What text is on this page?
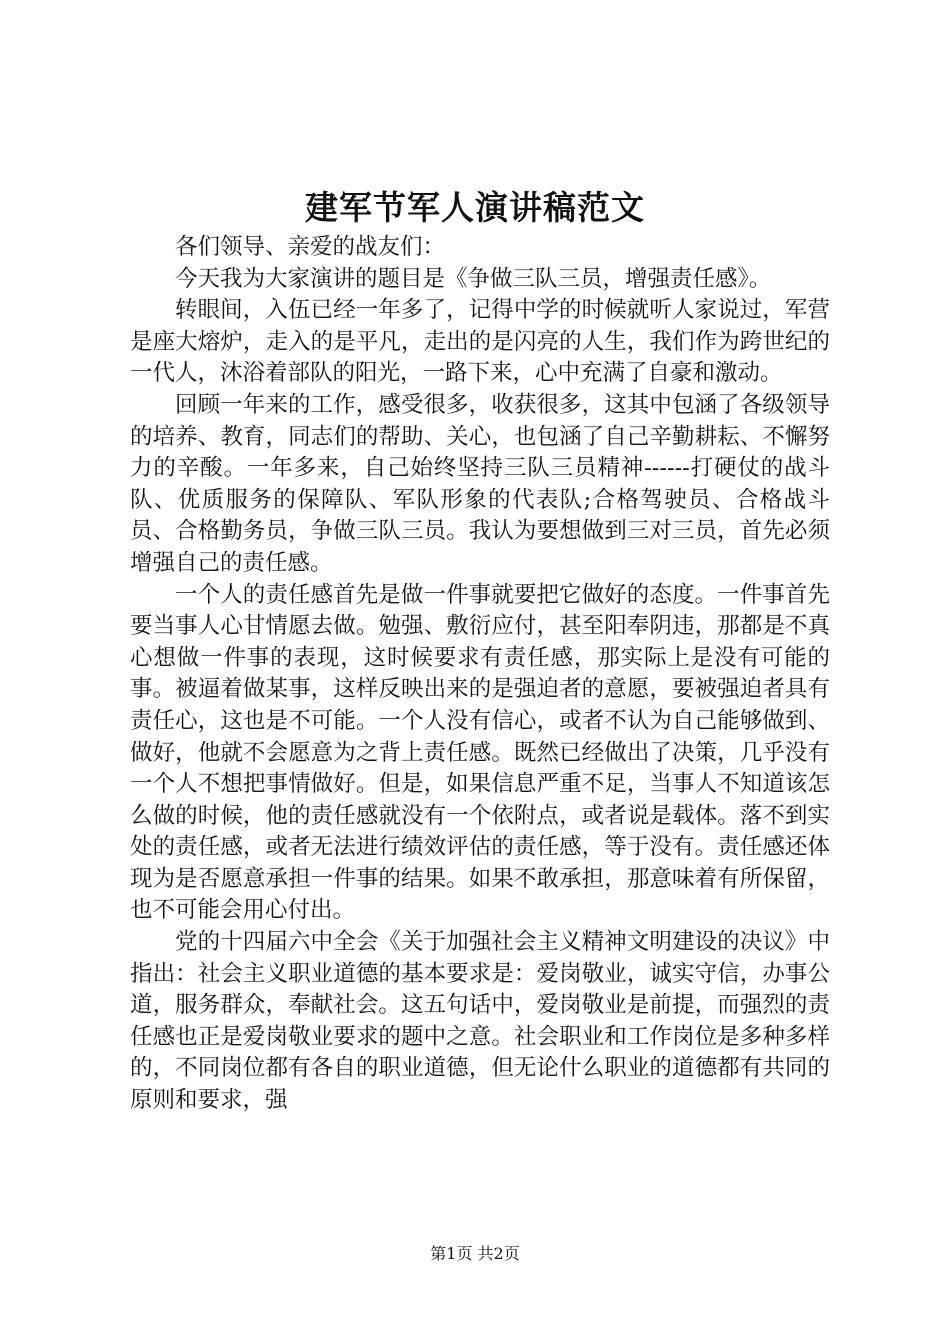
建军节军人演讲稿范文

各们领导、亲爱的战友们：

今天我为大家演讲的题目是《争做三队三员，增强责任感》。

转眼间，入伍已经一年多了，记得中学的时候就听人家说过，军营是座大熔炉，走入的是平凡，走出的是闪亮的人生，我们作为跨世纪的一代人，沐浴着部队的阳光，一路下来，心中充满了自豪和激动。

回顾一年来的工作，感受很多，收获很多，这其中包涵了各级领导的培养、教育，同志们的帮助、关心，也包涵了自己辛勤耕耘、不懈努力的辛酸。一年多来，自己始终坚持三队三员精神------打硬仗的战斗队、优质服务的保障队、军队形象的代表队;合格驾驶员、合格战斗员、合格勤务员，争做三队三员。我认为要想做到三对三员，首先必须增强自己的责任感。

一个人的责任感首先是做一件事就要把它做好的态度。一件事首先要当事人心甘情愿去做。勉强、敷衍应付，甚至阳奉阴违，那都是不真心想做一件事的表现，这时候要求有责任感，那实际上是没有可能的事。被逼着做某事，这样反映出来的是强迫者的意愿，要被强迫者具有责任心，这也是不可能。一个人没有信心，或者不认为自己能够做到、做好，他就不会愿意为之背上责任感。既然已经做出了决策，几乎没有一个人不想把事情做好。但是，如果信息严重不足，当事人不知道该怎么做的时候，他的责任感就没有一个依附点，或者说是载体。落不到实处的责任感，或者无法进行绩效评估的责任感，等于没有。责任感还体现为是否愿意承担一件事的结果。如果不敢承担，那意味着有所保留，也不可能会用心付出。

党的十四届六中全会《关于加强社会主义精神文明建设的决议》中指出：社会主义职业道德的基本要求是：爱岗敬业，诚实守信，办事公道，服务群众，奉献社会。这五句话中，爱岗敬业是前提，而强烈的责任感也正是爱岗敬业要求的题中之意。社会职业和工作岗位是多种多样的，不同岗位都有各自的职业道德，但无论什么职业的道德都有共同的原则和要求，强

第1页 共2页
